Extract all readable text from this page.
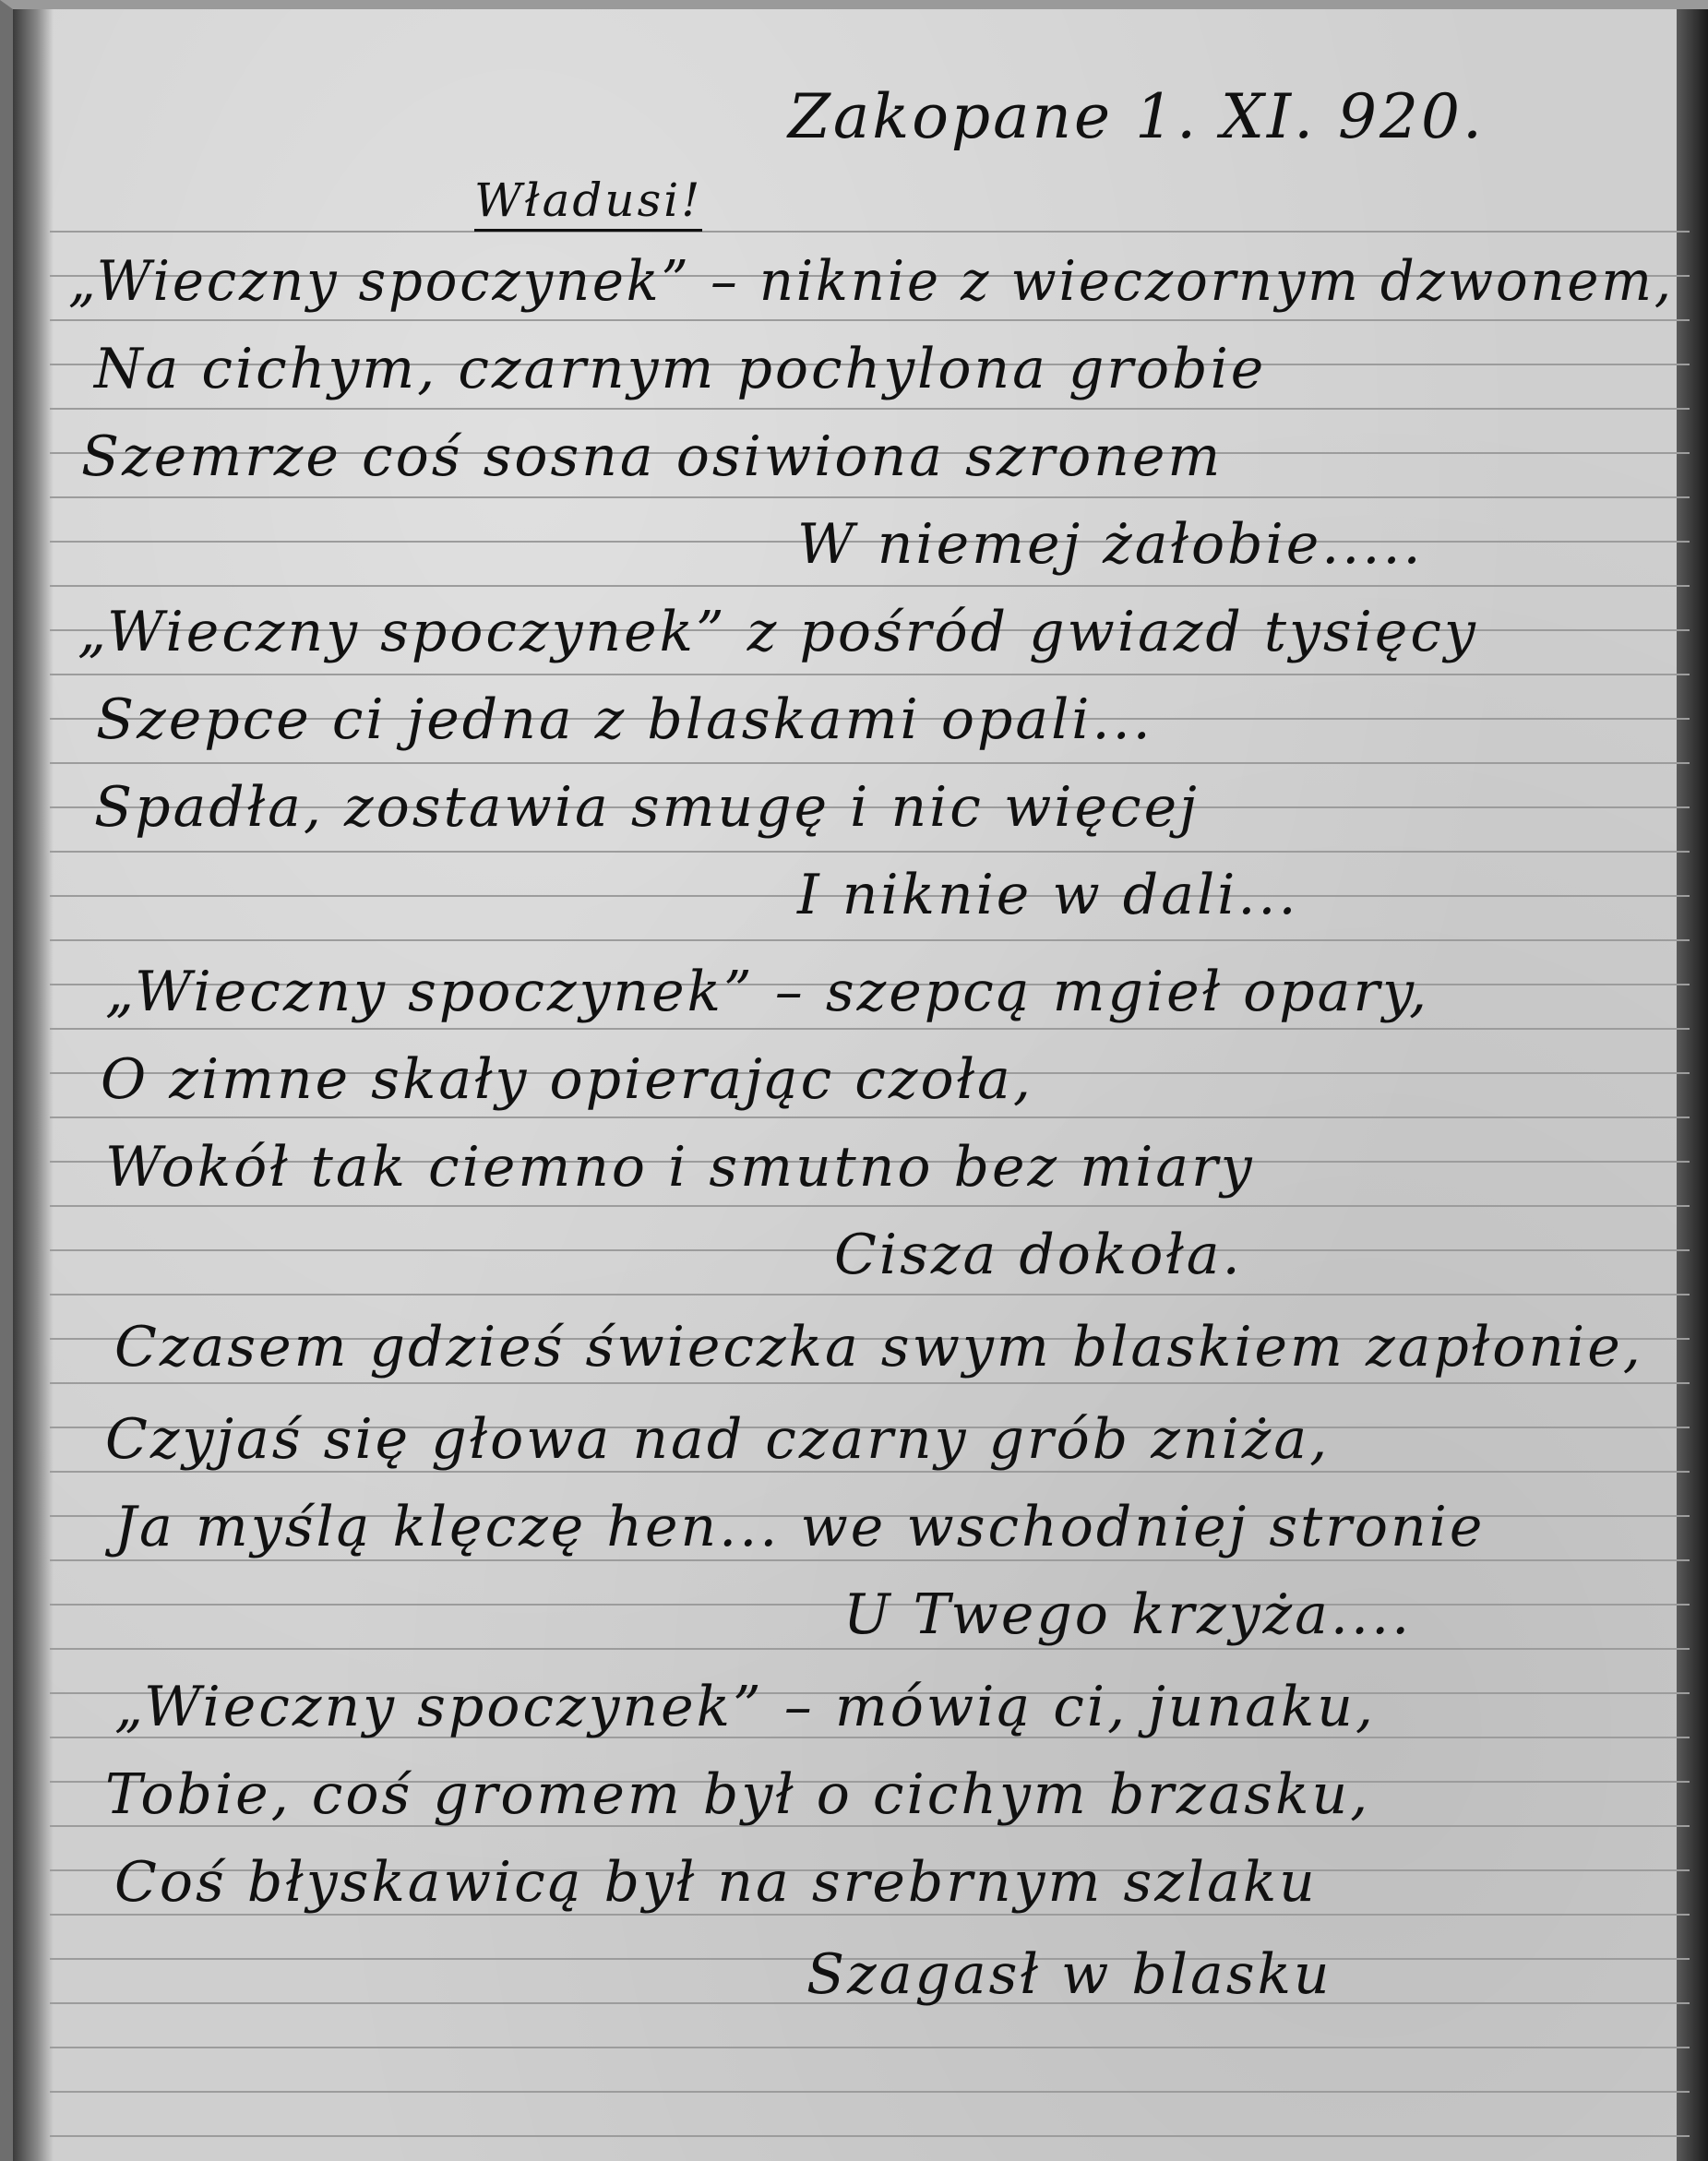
Zakopane 1. XI. 920.
Władusi!
„Wieczny spoczynek” – niknie z wieczornym dzwonem,
Na cichym, czarnym pochylona grobie
Szemrze coś sosna osiwiona szronem
W niemej żałobie.....
„Wieczny spoczynek” z pośród gwiazd tysięcy
Szepce ci jedna z blaskami opali...
Spadła, zostawia smugę i nic więcej
I niknie w dali...
„Wieczny spoczynek” – szepcą mgieł opary,
O zimne skały opierając czoła,
Wokół tak ciemno i smutno bez miary
Cisza dokoła.
Czasem gdzieś świeczka swym blaskiem zapłonie,
Czyjaś się głowa nad czarny grób zniża,
Ja myślą klęczę hen... we wschodniej stronie
U Twego krzyża....
„Wieczny spoczynek” – mówią ci, junaku,
Tobie, coś gromem był o cichym brzasku,
Coś błyskawicą był na srebrnym szlaku
Szagasł w blasku
